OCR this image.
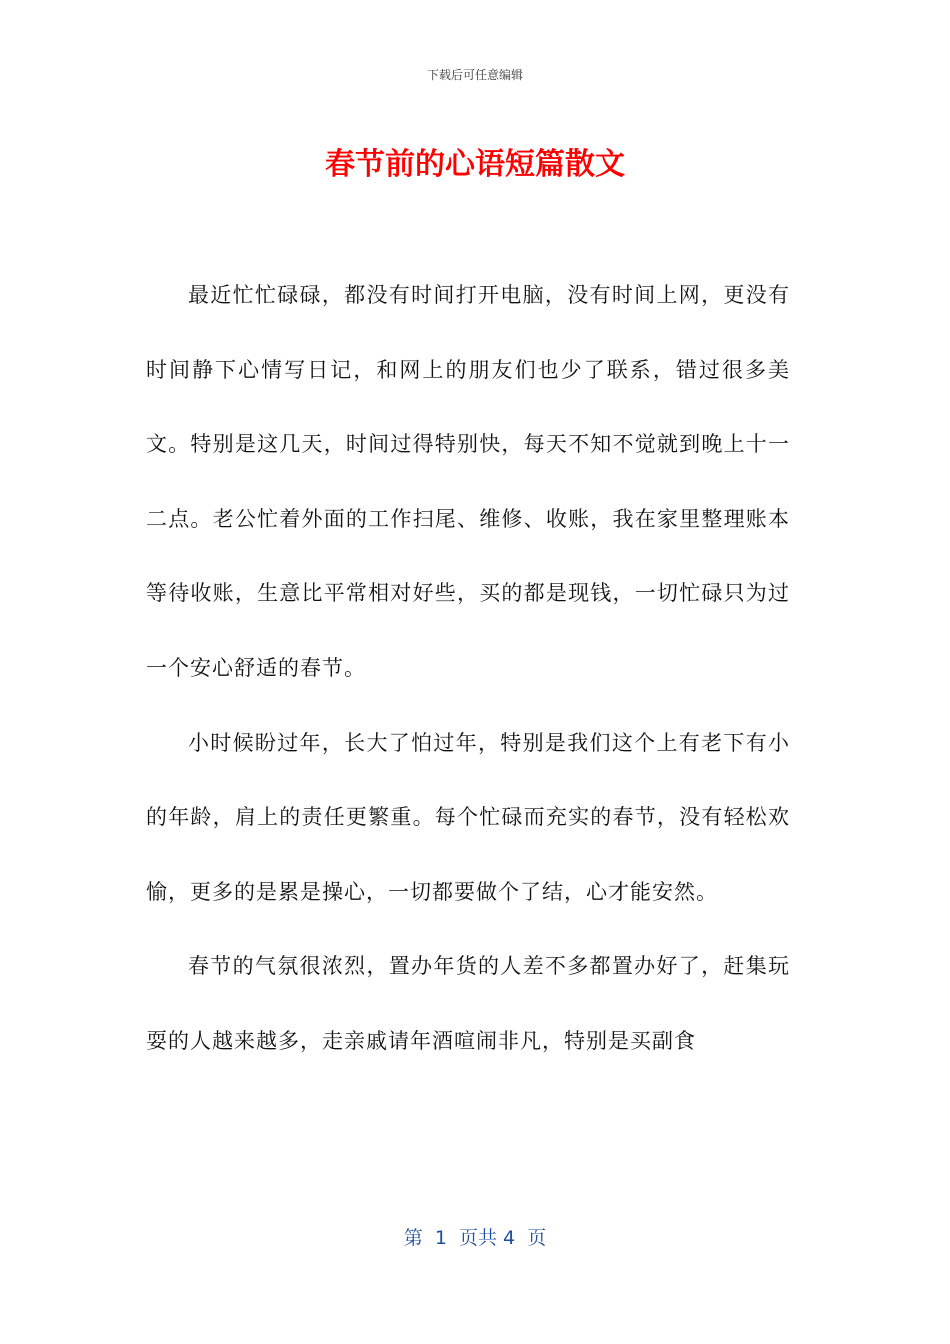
下载后可任意编辑
春节前的心语短篇散文

最近忙忙碌碌，都没有时间打开电脑，没有时间上网，更没有时间静下心情写日记，和网上的朋友们也少了联系，错过很多美文。特别是这几天，时间过得特别快，每天不知不觉就到晚上十一二点。老公忙着外面的工作扫尾、维修、收账，我在家里整理账本等待收账，生意比平常相对好些，买的都是现钱，一切忙碌只为过一个安心舒适的春节。

小时候盼过年，长大了怕过年，特别是我们这个上有老下有小的年龄，肩上的责任更繁重。每个忙碌而充实的春节，没有轻松欢愉，更多的是累是操心，一切都要做个了结，心才能安然。

春节的气氛很浓烈，置办年货的人差不多都置办好了，赶集玩耍的人越来越多，走亲戚请年酒喧闹非凡，特别是买副食

第  1  页共 4  页
